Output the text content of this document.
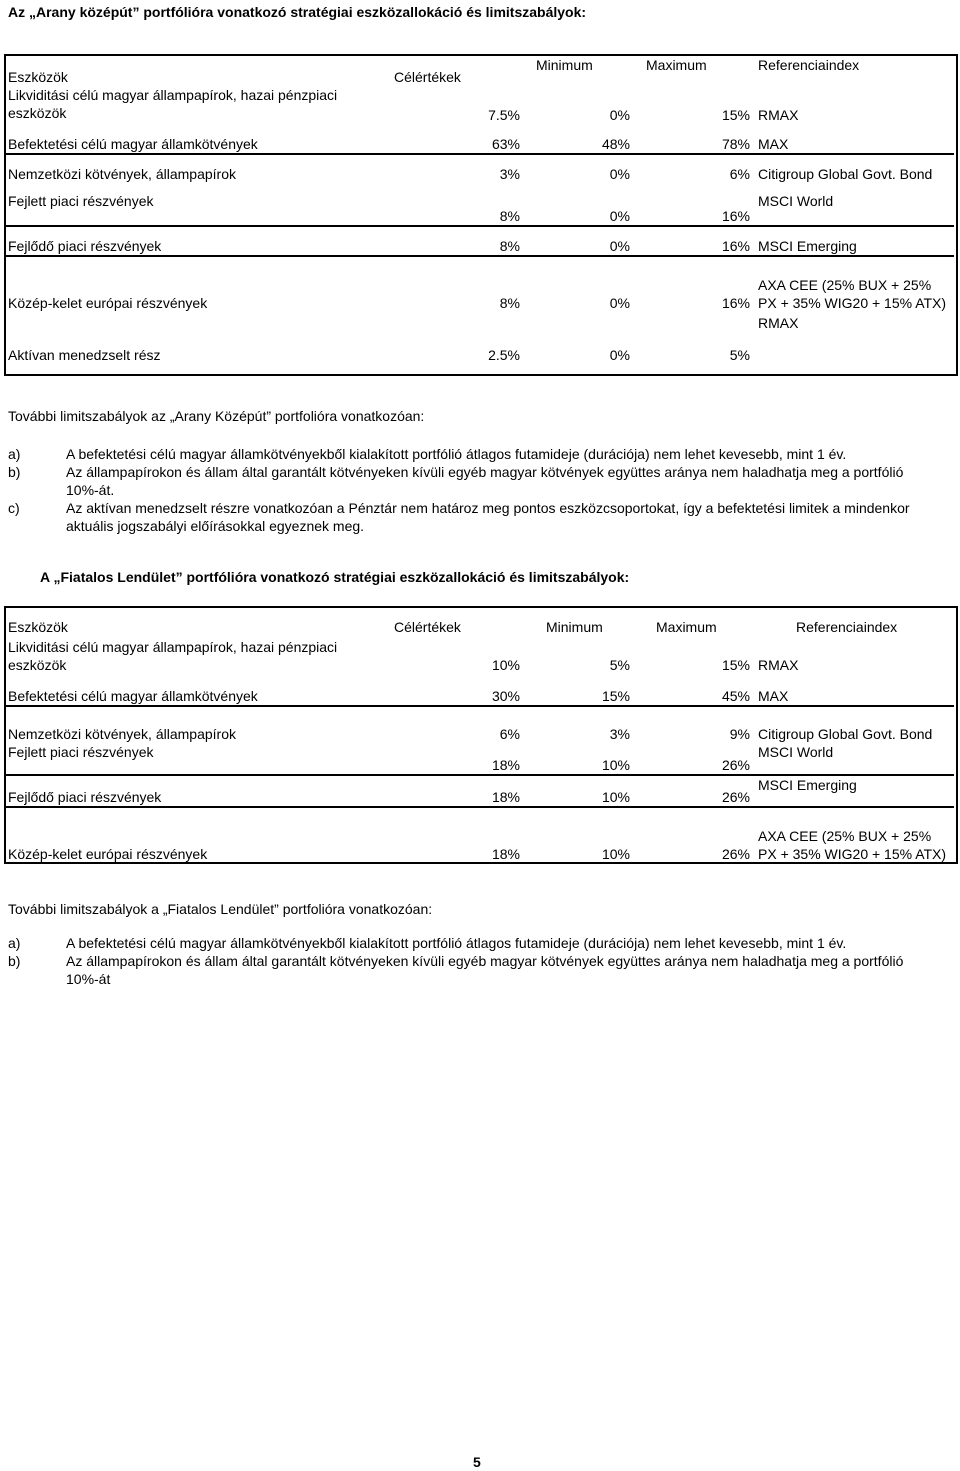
Az „Arany középút” portfólióra vonatkozó stratégiai eszközallokáció és limitszabályok:
Eszközök	Célértékek	Minimum	Maximum	Referenciaindex
Likviditási célú magyar állampapírok, hazai pénzpiaci eszközök	7.5%	0%	15%	RMAX
Befektetési célú magyar államkötvények	63%	48%	78%	MAX
Nemzetközi kötvények, állampapírok	3%	0%	6%	Citigroup Global Govt. Bond
Fejlett piaci részvények	8%	0%	16%	MSCI World
Fejlődő piaci részvények	8%	0%	16%	MSCI Emerging
Közép-kelet európai részvények	8%	0%	16%	AXA CEE (25% BUX + 25% PX + 35% WIG20 + 15% ATX)
Aktívan menedzselt rész	2.5%	0%	5%	RMAX
További limitszabályok az „Arany Középút” portfolióra vonatkozóan:
a)	A befektetési célú magyar államkötvényekből kialakított portfólió átlagos futamideje (durációja) nem lehet kevesebb, mint 1 év.
b)	Az állampapírokon és állam által garantált kötvényeken kívüli egyéb magyar kötvények együttes aránya nem haladhatja meg a portfólió 10%-át.
c)	Az aktívan menedzselt részre vonatkozóan a Pénztár nem határoz meg pontos eszközcsoportokat, így a befektetési limitek a mindenkor aktuális jogszabályi előírásokkal egyeznek meg.
A „Fiatalos Lendület” portfólióra vonatkozó stratégiai eszközallokáció és limitszabályok:
Eszközök	Célértékek	Minimum	Maximum	Referenciaindex
Likviditási célú magyar állampapírok, hazai pénzpiaci eszközök	10%	5%	15%	RMAX
Befektetési célú magyar államkötvények	30%	15%	45%	MAX
Nemzetközi kötvények, állampapírok	6%	3%	9%	Citigroup Global Govt. Bond
Fejlett piaci részvények	18%	10%	26%	MSCI World
Fejlődő piaci részvények	18%	10%	26%	MSCI Emerging
Közép-kelet európai részvények	18%	10%	26%	AXA CEE (25% BUX + 25% PX + 35% WIG20 + 15% ATX)
További limitszabályok a „Fiatalos Lendület” portfolióra vonatkozóan:
a)	A befektetési célú magyar államkötvényekből kialakított portfólió átlagos futamideje (durációja) nem lehet kevesebb, mint 1 év.
b)	Az állampapírokon és állam által garantált kötvényeken kívüli egyéb magyar kötvények együttes aránya nem haladhatja meg a portfólió 10%-át
5
